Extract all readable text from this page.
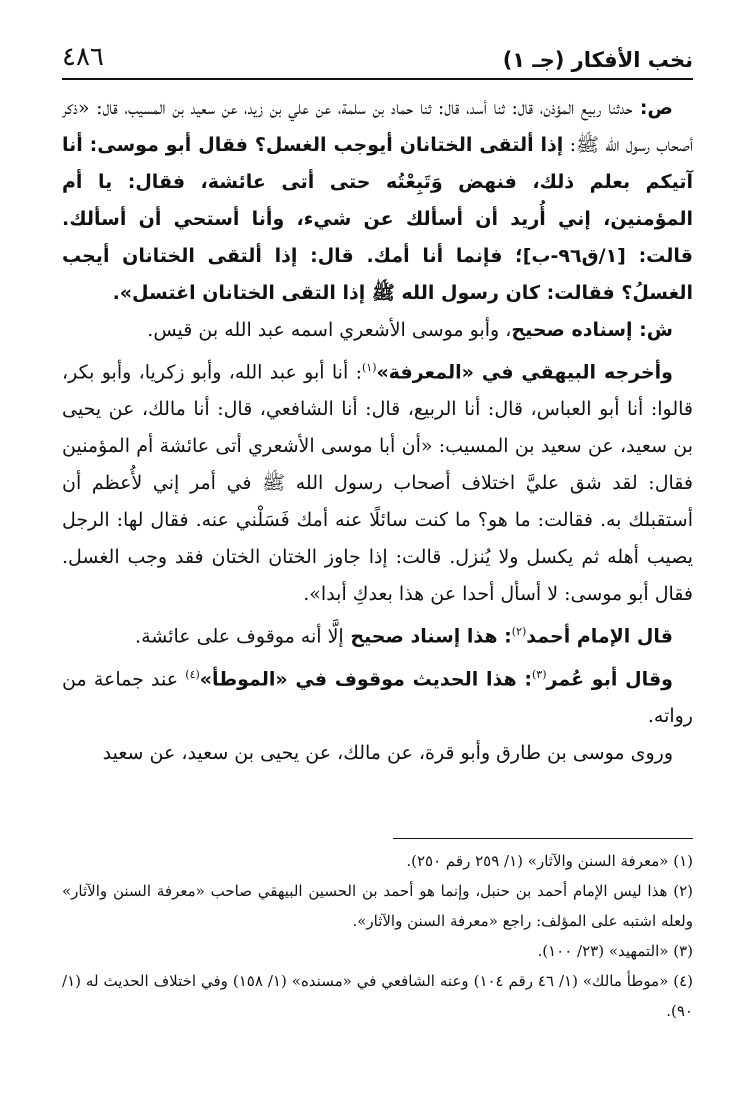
نخب الأفكار (جـ ١)
٤٨٦

ص: حدثنا ربيع المؤذن، قال: ثنا أسد، قال: ثنا حماد بن سلمة، عن علي بن زيد، عن سعيد بن المسيب، قال: «ذكر أصحاب رسول الله ﷺ: إذا ألتقى الختانان أيوجب الغسل؟ فقال أبو موسى: أنا آتيكم بعلم ذلك، فنهض وَتَبِعْتُه حتى أتى عائشة، فقال: يا أم المؤمنين، إني أُريد أن أسألك عن شيء، وأنا أستحي أن أسألك. قالت: [١/ق٩٦-ب]؛ فإنما أنا أمك. قال: إذا ألتقى الختانان أيجب الغسلُ؟ فقالت: كان رسول الله ﷺ إذا التقى الختانان اغتسل».

ش: إسناده صحيح، وأبو موسى الأشعري اسمه عبد الله بن قيس.

وأخرجه البيهقي في «المعرفة»$^{(١)}$: أنا أبو عبد الله، وأبو زكريا، وأبو بكر، قالوا: أنا أبو العباس، قال: أنا الربيع، قال: أنا الشافعي، قال: أنا مالك، عن يحيى بن سعيد، عن سعيد بن المسيب: «أن أبا موسى الأشعري أتى عائشة أم المؤمنين فقال: لقد شق عليَّ اختلاف أصحاب رسول الله ﷺ في أمر إني لأُعظم أن أستقبلك به. فقالت: ما هو؟ ما كنت سائلًا عنه أمك فَسَلْني عنه. فقال لها: الرجل يصيب أهله ثم يكسل ولا يُنزل. قالت: إذا جاوز الختان الختان فقد وجب الغسل. فقال أبو موسى: لا أسأل أحدا عن هذا بعدكِ أبدا».

قال الإمام أحمد$^{(٢)}$: هذا إسناد صحيح إلَّا أنه موقوف على عائشة.

وقال أبو عُمر$^{(٣)}$: هذا الحديث موقوف في «الموطأ»$^{(٤)}$ عند جماعة من رواته.

وروى موسى بن طارق وأبو قرة، عن مالك، عن يحيى بن سعيد، عن سعيد

(١) «معرفة السنن والآثار» (١/ ٢٥٩ رقم ٢٥٠).

(٢) هذا ليس الإمام أحمد بن حنبل، وإنما هو أحمد بن الحسين البيهقي صاحب «معرفة السنن والآثار» ولعله اشتبه على المؤلف: راجع «معرفة السنن والآثار».

(٣) «التمهيد» (٢٣/ ١٠٠).

(٤) «موطأ مالك» (١/ ٤٦ رقم ١٠٤) وعنه الشافعي في «مسنده» (١/ ١٥٨) وفي اختلاف الحديث له (١/ ٩٠).
